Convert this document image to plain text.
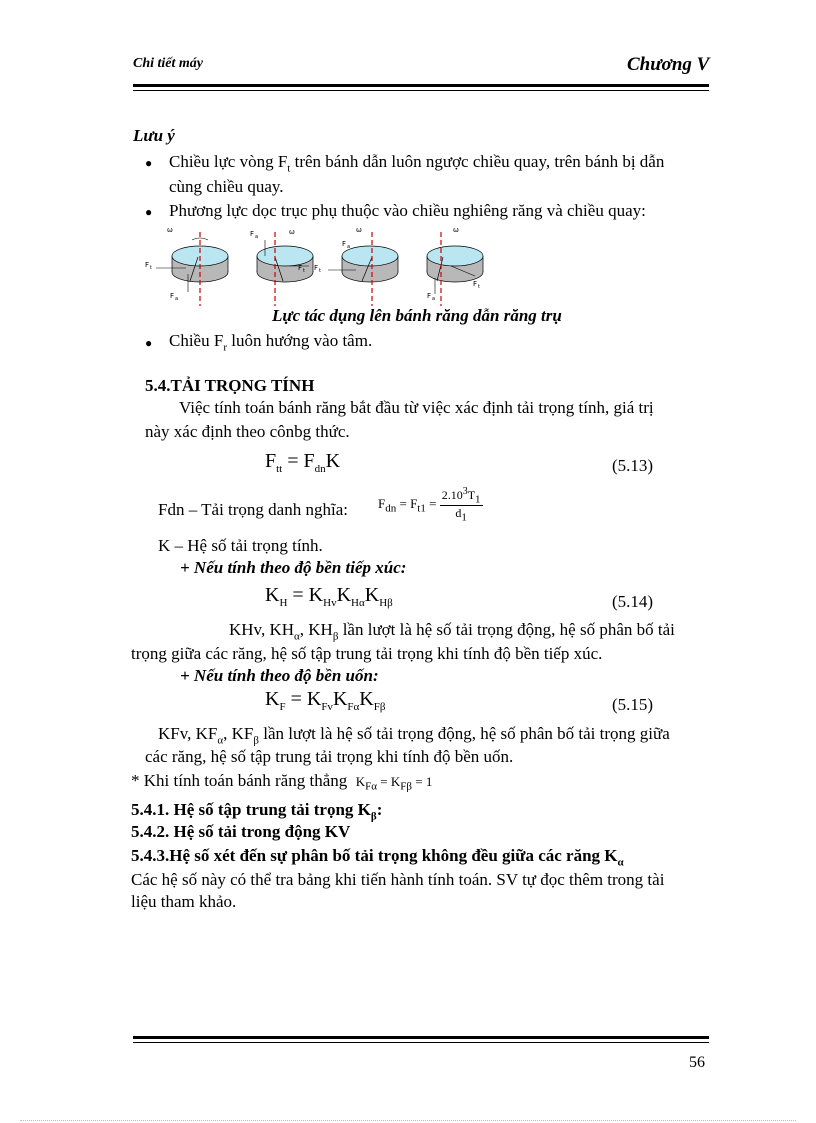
Chi tiết máy	Chương V
Lưu ý
● Chiều lực vòng $F_t$ trên bánh dẫn luôn ngược chiều quay, trên bánh bị dẫn
cùng chiều quay.
● Phương lực dọc trục phụ thuộc vào chiều nghiêng răng và chiều quay:
ω
F t
F a
ω
F a
F t
ω
F a
F t
ω
F t
F a
Lực tác dụng lên bánh răng dẫn răng trụ
● Chiều $F_r$ luôn hướng vào tâm.
5.4.TẢI TRỌNG TÍNH
Việc tính toán bánh răng bắt đầu từ việc xác định tải trọng tính, giá trị
này xác định theo cônbg thức.
$F_{tt} = F_{dn}K$	(5.13)
Fdn – Tải trọng danh nghĩa: $F_{dn} = F_{t1} = \frac{2.10^3T_1}{d_1}$
K – Hệ số tải trọng tính.
+ Nếu tính theo độ bền tiếp xúc:
$K_H = K_{Hv}K_{H\alpha}K_{H\beta}$	(5.14)
KHv, $KH_\alpha$, $KH_\beta$ lần lượt là hệ số tải trọng động, hệ số phân bố tải
trọng giữa các răng, hệ số tập trung tải trọng khi tính độ bền tiếp xúc.
+ Nếu tính theo độ bền uốn:
$K_F = K_{Fv}K_{F\alpha}K_{F\beta}$	(5.15)
KFv, $KF_\alpha$, $KF_\beta$ lần lượt là hệ số tải trọng động, hệ số phân bố tải trọng giữa
các răng, hệ số tập trung tải trọng khi tính độ bền uốn.
* Khi tính toán bánh răng thẳng $K_{F\alpha} = K_{F\beta} = 1$
5.4.1. Hệ số tập trung tải trọng $K_\beta$:
5.4.2. Hệ số tải trong động KV
5.4.3.Hệ số xét đến sự phân bố tải trọng không đều giữa các răng $K_\alpha$
Các hệ số này có thể tra bảng khi tiến hành tính toán. SV tự đọc thêm trong tài
liệu tham khảo.
56
